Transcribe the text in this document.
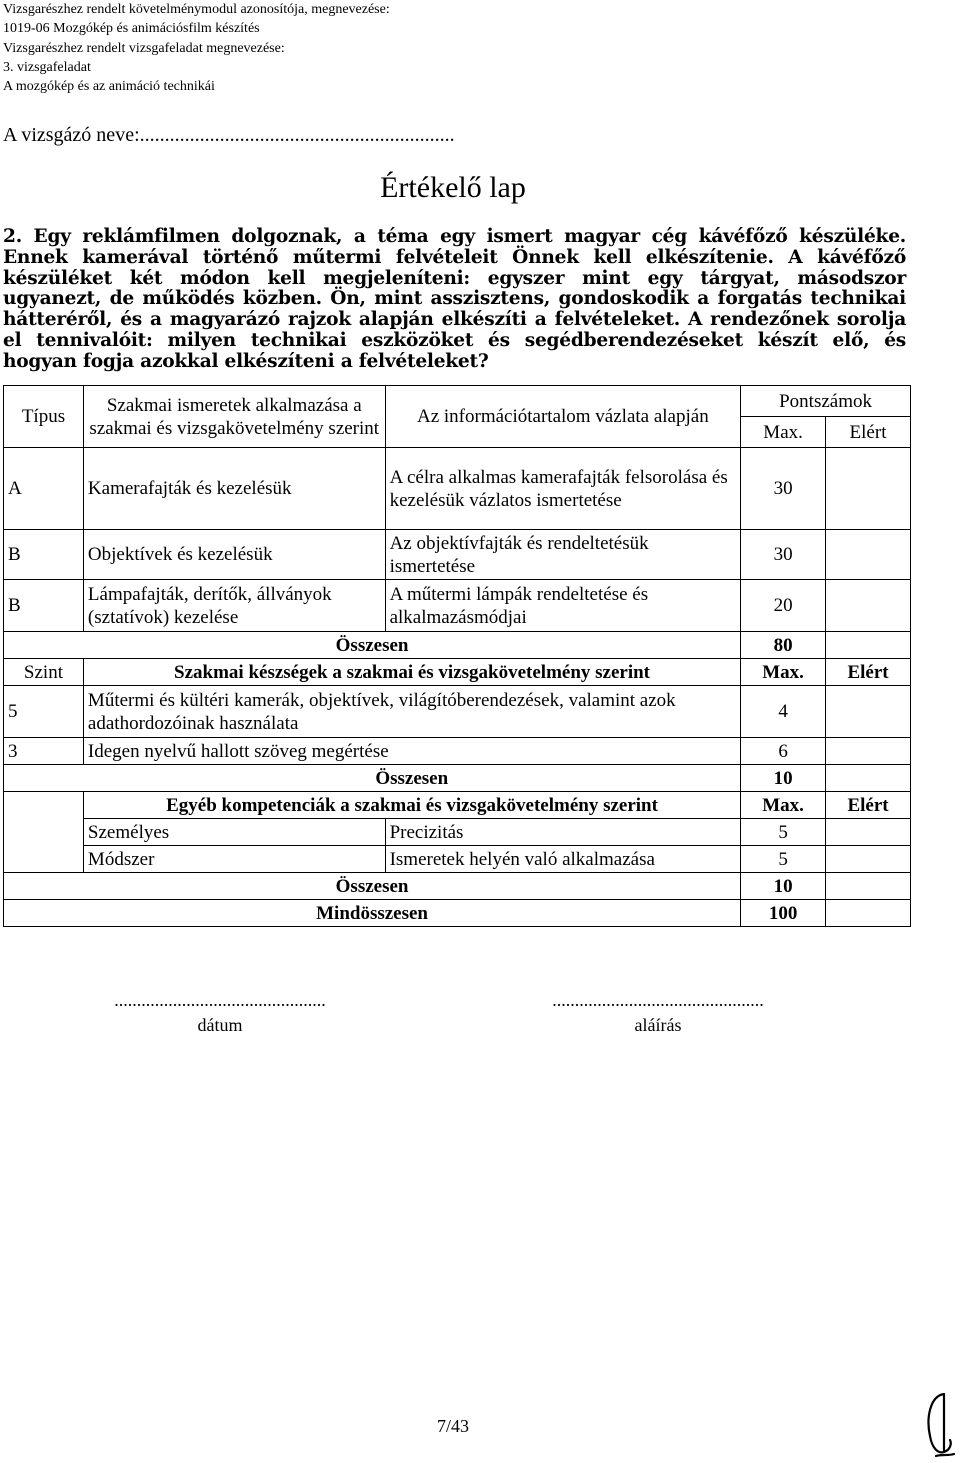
Vizsgarészhez rendelt követelménymodul azonosítója, megnevezése:
1019-06 Mozgókép és animációsfilm készítés
Vizsgarészhez rendelt vizsgafeladat megnevezése:
3. vizsgafeladat
A mozgókép és az animáció technikái
A vizsgázó neve:...............................................................
Értékelő lap
2. Egy reklámfilmen dolgoznak, a téma egy ismert magyar cég kávéfőző készüléke. Ennek kamerával történő műtermi felvételeit Önnek kell elkészítenie. A kávéfőző készüléket két módon kell megjeleníteni: egyszer mint egy tárgyat, másodszor ugyanezt, de működés közben. Ön, mint asszisztens, gondoskodik a forgatás technikai hátteréről, és a magyarázó rajzok alapján elkészíti a felvételeket. A rendezőnek sorolja el tennivalóit: milyen technikai eszközöket és segédberendezéseket készít elő, és hogyan fogja azokkal elkészíteni a felvételeket?
Típus	Szakmai ismeretek alkalmazása a szakmai és vizsgakövetelmény szerint	Az információtartalom vázlata alapján	Pontszámok	
			Max.	Elért
A	Kamerafajták és kezelésük	A célra alkalmas kamerafajták felsorolása és kezelésük vázlatos ismertetése	30	
B	Objektívek és kezelésük	Az objektívfajták és rendeltetésük ismertetése	30	
B	Lámpafajták, derítők, állványok (sztatívok) kezelése	A műtermi lámpák rendeltetése és alkalmazásmódjai	20	
Összesen			80	
Szint	Szakmai készségek a szakmai és vizsgakövetelmény szerint		Max.	Elért
5	Műtermi és kültéri kamerák, objektívek, világítóberendezések, valamint azok adathordozóinak használata		4	
3	Idegen nyelvű hallott szöveg megértése		6	
	Összesen		10	
	Egyéb kompetenciák a szakmai és vizsgakövetelmény szerint		Max.	Elért
	Személyes	Precizitás	5	
	Módszer	Ismeretek helyén való alkalmazása	5	
Összesen			10	
Mindösszesen			100	
...............................................
dátum
...............................................
aláírás
7/43
